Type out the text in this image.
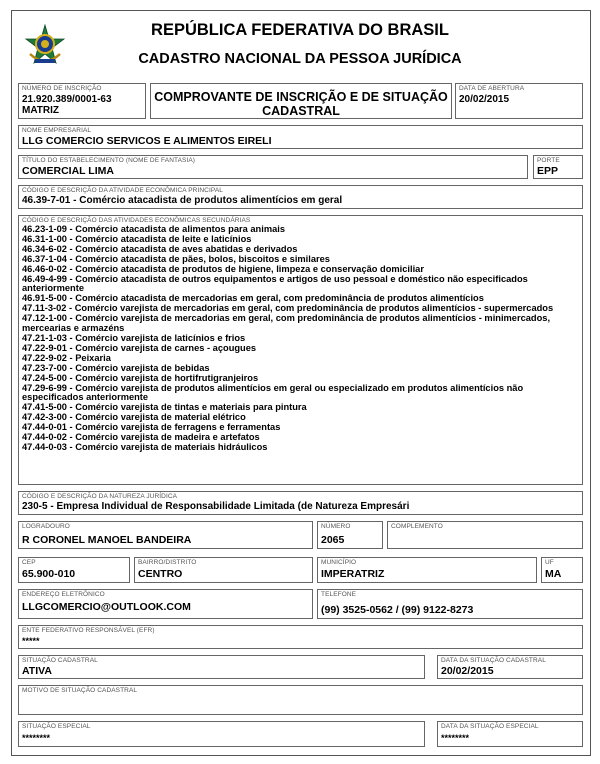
REPÚBLICA FEDERATIVA DO BRASIL
CADASTRO NACIONAL DA PESSOA JURÍDICA
NÚMERO DE INSCRIÇÃO
21.920.389/0001-63
MATRIZ
COMPROVANTE DE INSCRIÇÃO E DE SITUAÇÃO
CADASTRAL
DATA DE ABERTURA
20/02/2015
NOME EMPRESARIAL
LLG COMERCIO SERVICOS E ALIMENTOS EIRELI
TÍTULO DO ESTABELECIMENTO (NOME DE FANTASIA)
COMERCIAL LIMA
PORTE
EPP
CÓDIGO E DESCRIÇÃO DA ATIVIDADE ECONÔMICA PRINCIPAL
46.39-7-01 - Comércio atacadista de produtos alimentícios em geral
CÓDIGO E DESCRIÇÃO DAS ATIVIDADES ECONÔMICAS SECUNDÁRIAS
46.23-1-09 - Comércio atacadista de alimentos para animais
46.31-1-00 - Comércio atacadista de leite e laticínios
46.34-6-02 - Comércio atacadista de aves abatidas e derivados
46.37-1-04 - Comércio atacadista de pães, bolos, biscoitos e similares
46.46-0-02 - Comércio atacadista de produtos de higiene, limpeza e conservação domiciliar
46.49-4-99 - Comércio atacadista de outros equipamentos e artigos de uso pessoal e doméstico não especificados anteriormente
46.91-5-00 - Comércio atacadista de mercadorias em geral, com predominância de produtos alimentícios
47.11-3-02 - Comércio varejista de mercadorias em geral, com predominância de produtos alimentícios - supermercados
47.12-1-00 - Comércio varejista de mercadorias em geral, com predominância de produtos alimentícios - minimercados, mercearias e armazéns
47.21-1-03 - Comércio varejista de laticínios e frios
47.22-9-01 - Comércio varejista de carnes - açougues
47.22-9-02 - Peixaria
47.23-7-00 - Comércio varejista de bebidas
47.24-5-00 - Comércio varejista de hortifrutigranjeiros
47.29-6-99 - Comércio varejista de produtos alimentícios em geral ou especializado em produtos alimentícios não especificados anteriormente
47.41-5-00 - Comércio varejista de tintas e materiais para pintura
47.42-3-00 - Comércio varejista de material elétrico
47.44-0-01 - Comércio varejista de ferragens e ferramentas
47.44-0-02 - Comércio varejista de madeira e artefatos
47.44-0-03 - Comércio varejista de materiais hidráulicos
CÓDIGO E DESCRIÇÃO DA NATUREZA JURÍDICA
230-5 - Empresa Individual de Responsabilidade Limitada (de Natureza Empresári
LOGRADOURO
R CORONEL MANOEL BANDEIRA
NÚMERO
2065
COMPLEMENTO
CEP
65.900-010
BAIRRO/DISTRITO
CENTRO
MUNICÍPIO
IMPERATRIZ
UF
MA
ENDEREÇO ELETRÔNICO
LLGCOMERCIO@OUTLOOK.COM
TELEFONE
(99) 3525-0562 / (99) 9122-8273
ENTE FEDERATIVO RESPONSÁVEL (EFR)
*****
SITUAÇÃO CADASTRAL
ATIVA
DATA DA SITUAÇÃO CADASTRAL
20/02/2015
MOTIVO DE SITUAÇÃO CADASTRAL
SITUAÇÃO ESPECIAL
********
DATA DA SITUAÇÃO ESPECIAL
********
